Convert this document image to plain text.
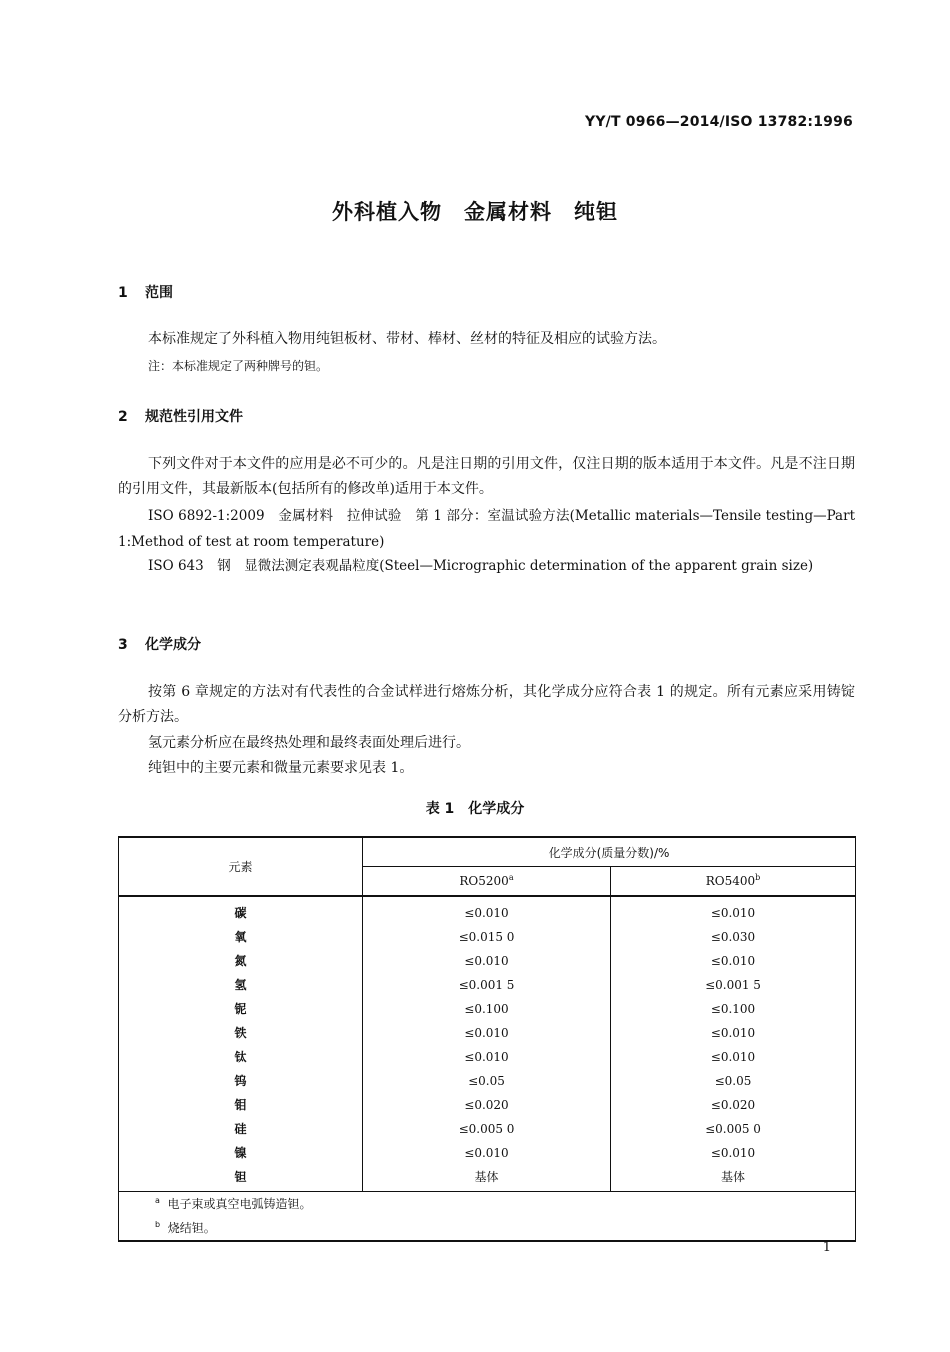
YY/T 0966—2014/ISO 13782:1996
外科植入物　金属材料　纯钽
1 范围
本标准规定了外科植入物用纯钽板材、带材、棒材、丝材的特征及相应的试验方法。
注：本标准规定了两种牌号的钽。
2 规范性引用文件
下列文件对于本文件的应用是必不可少的。凡是注日期的引用文件，仅注日期的版本适用于本文件。凡是不注日期的引用文件，其最新版本(包括所有的修改单)适用于本文件。
ISO 6892-1:2009　金属材料　拉伸试验　第 1 部分：室温试验方法(Metallic materials—Tensile testing—Part 1:Method of test at room temperature)
ISO 643　钢　显微法测定表观晶粒度(Steel—Micrographic determination of the apparent grain size)
3 化学成分
按第 6 章规定的方法对有代表性的合金试样进行熔炼分析，其化学成分应符合表 1 的规定。所有元素应采用铸锭分析方法。
氢元素分析应在最终热处理和最终表面处理后进行。
纯钽中的主要元素和微量元素要求见表 1。
表 1　化学成分
元素	化学成分(质量分数)/%	
	RO5200$^a$	RO5400$^b$
碳	≤0.010	≤0.010
氧	≤0.015 0	≤0.030
氮	≤0.010	≤0.010
氢	≤0.001 5	≤0.001 5
铌	≤0.100	≤0.100
铁	≤0.010	≤0.010
钛	≤0.010	≤0.010
钨	≤0.05	≤0.05
钼	≤0.020	≤0.020
硅	≤0.005 0	≤0.005 0
镍	≤0.010	≤0.010
钽	基体	基体
$^a$ 电子束或真空电弧铸造钽。		
$^b$ 烧结钽。		
1
